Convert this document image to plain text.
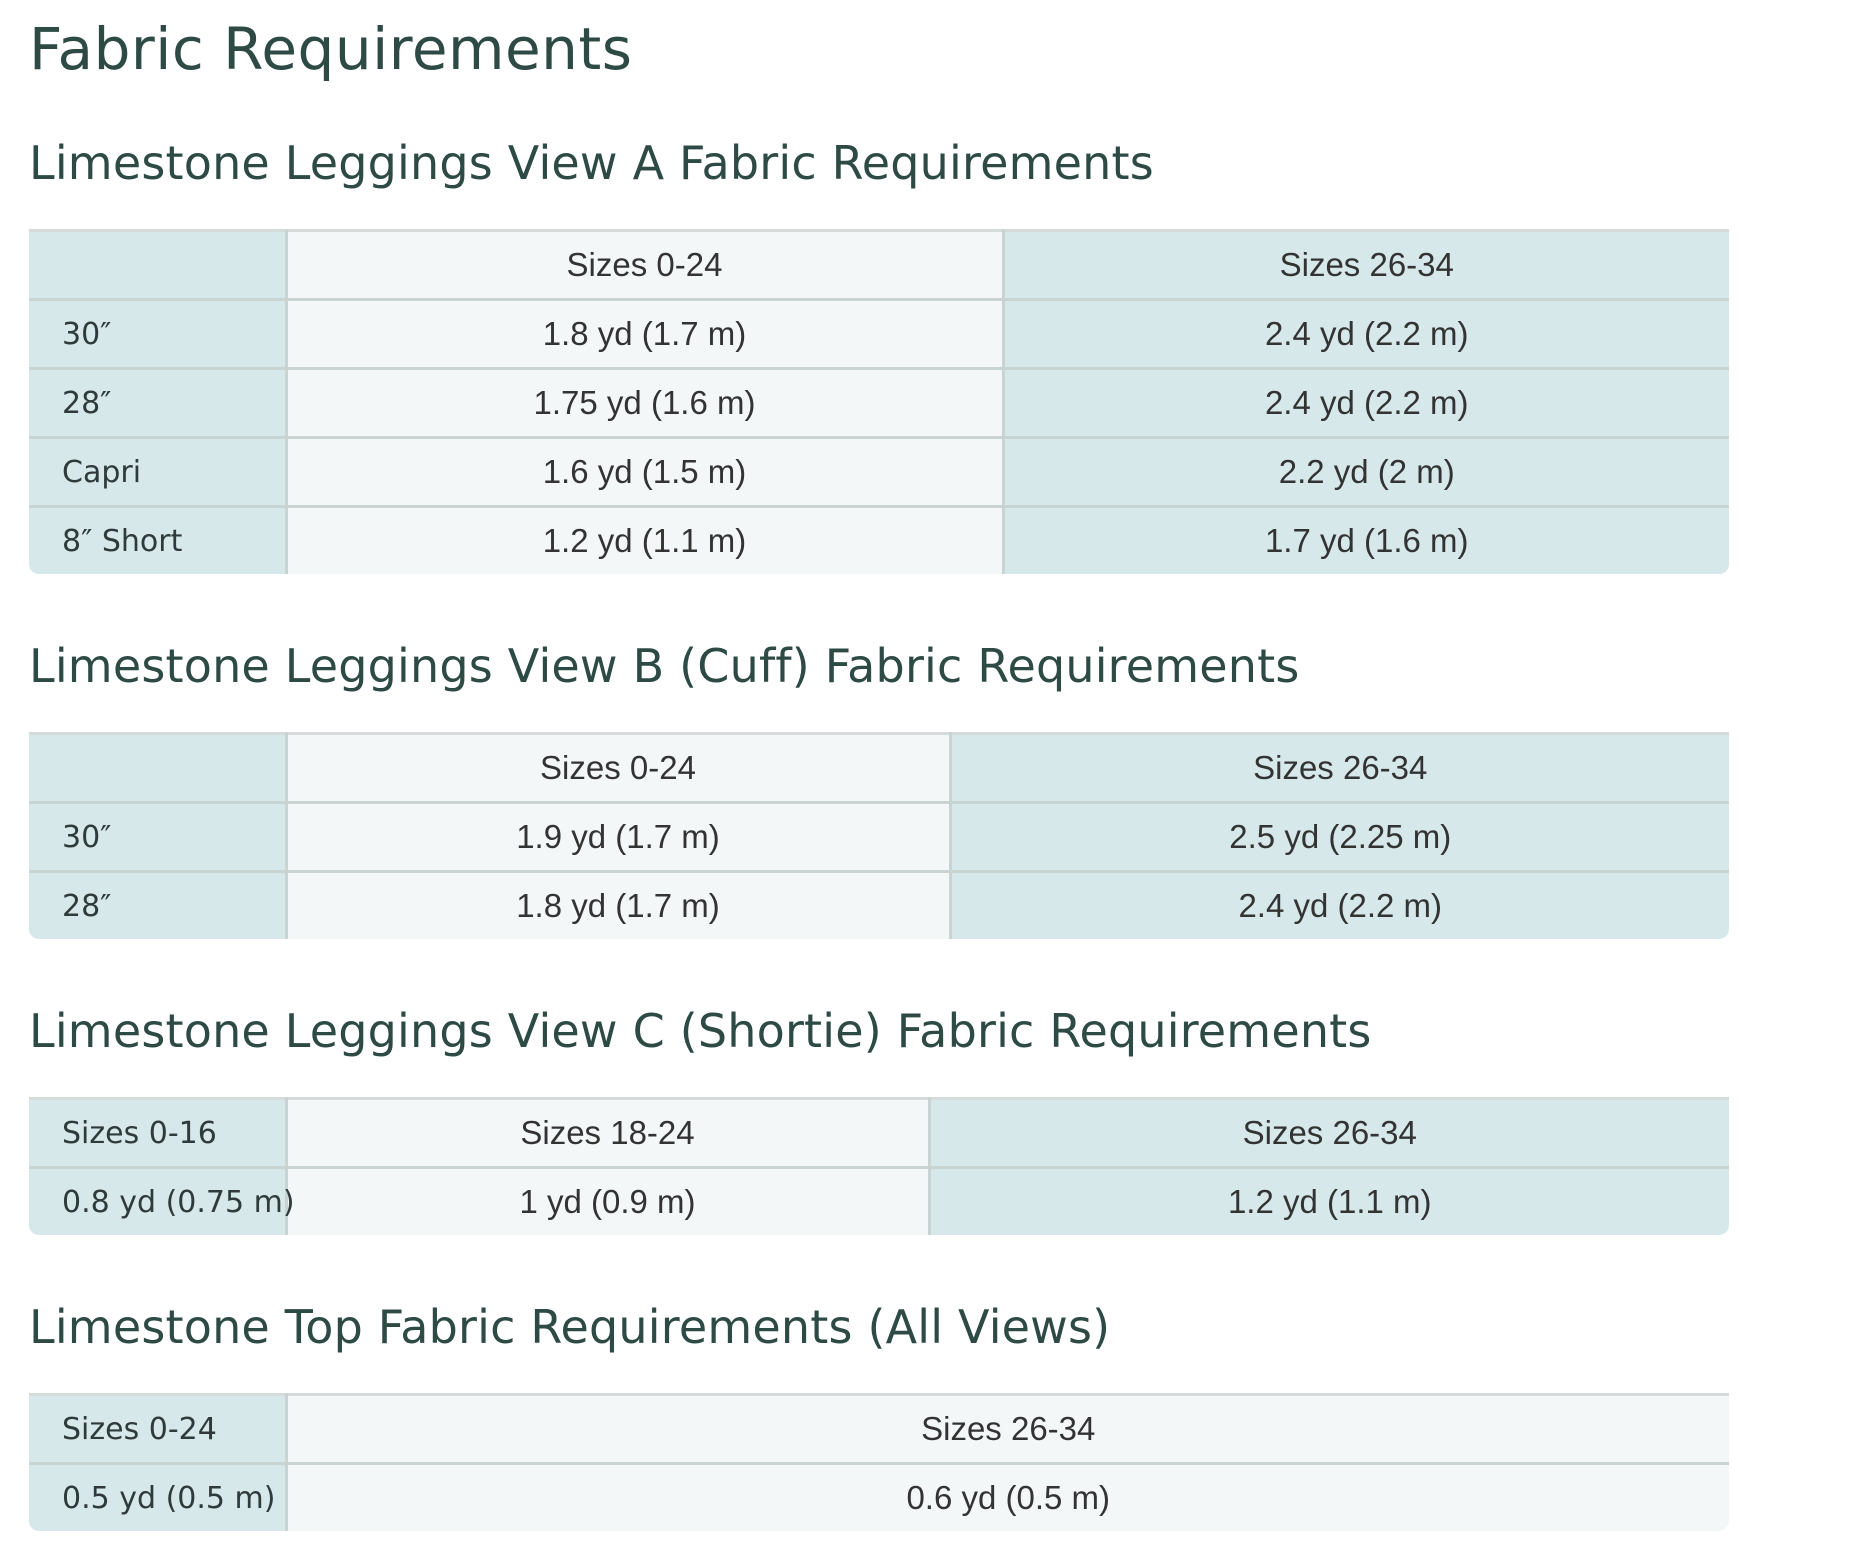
Fabric Requirements
Limestone Leggings View A Fabric Requirements
	Sizes 0-24	Sizes 26-34
30″	1.8 yd (1.7 m)	2.4 yd (2.2 m)
28″	1.75 yd (1.6 m)	2.4 yd (2.2 m)
Capri	1.6 yd (1.5 m)	2.2 yd (2 m)
8″ Short	1.2 yd (1.1 m)	1.7 yd (1.6 m)
Limestone Leggings View B (Cuff) Fabric Requirements
	Sizes 0-24	Sizes 26-34
30″	1.9 yd (1.7 m)	2.5 yd (2.25 m)
28″	1.8 yd (1.7 m)	2.4 yd (2.2 m)
Limestone Leggings View C (Shortie) Fabric Requirements
Sizes 0-16	Sizes 18-24	Sizes 26-34
0.8 yd (0.75 m)	1 yd (0.9 m)	1.2 yd (1.1 m)
Limestone Top Fabric Requirements (All Views)
Sizes 0-24	Sizes 26-34
0.5 yd (0.5 m)	0.6 yd (0.5 m)
